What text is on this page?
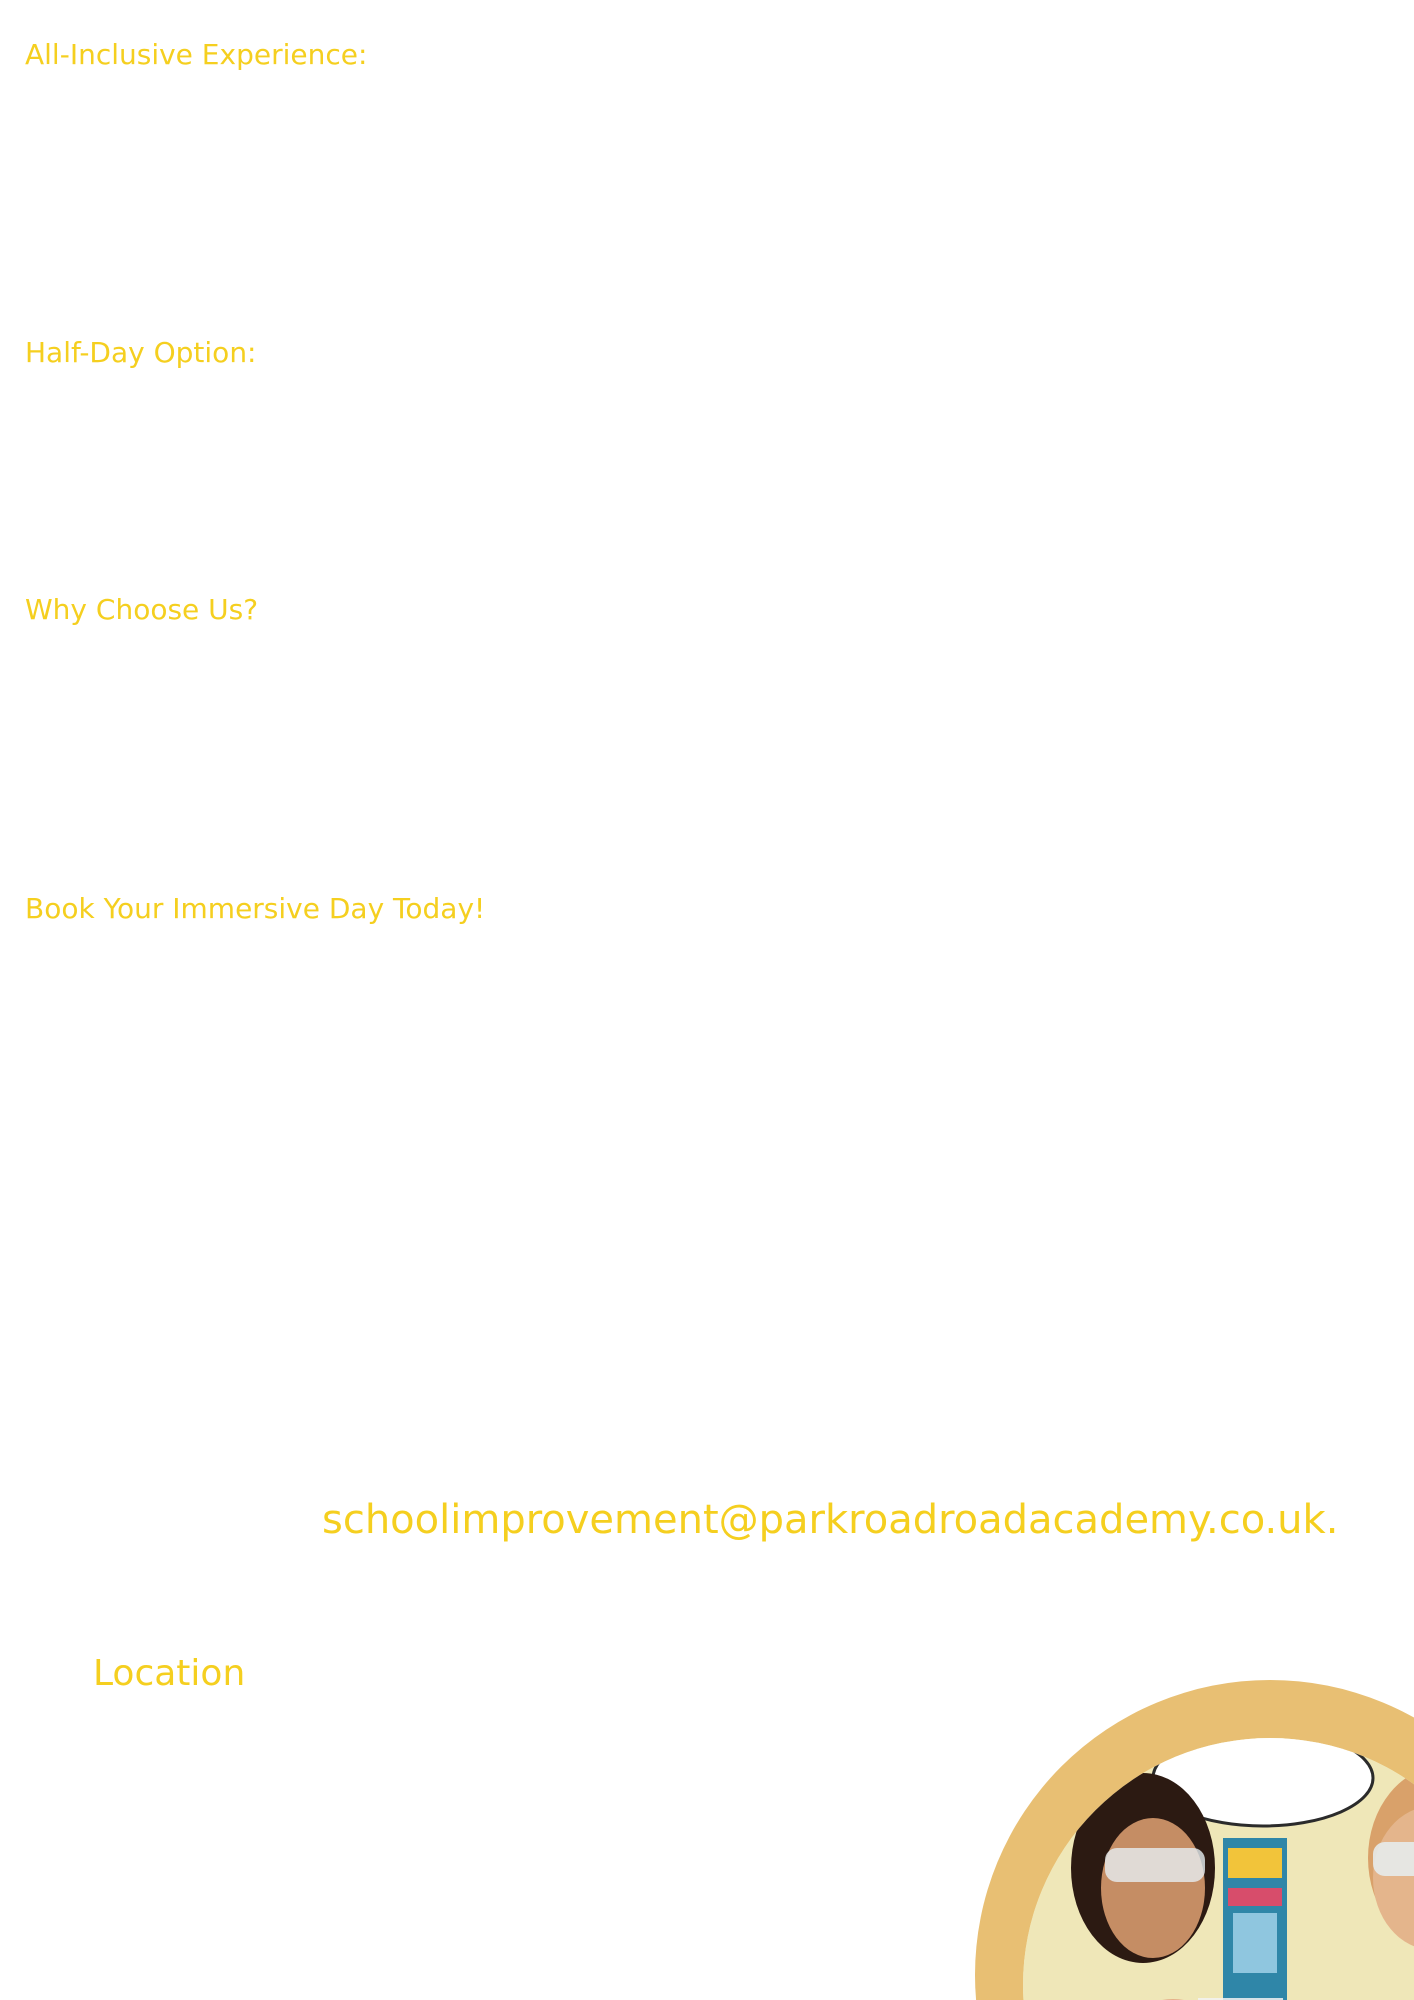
All-Inclusive Experience:
Half-Day Option:
Why Choose Us?
Book Your Immersive Day Today!
schoolimprovement@parkroadroadacademy.co.uk.
Location
